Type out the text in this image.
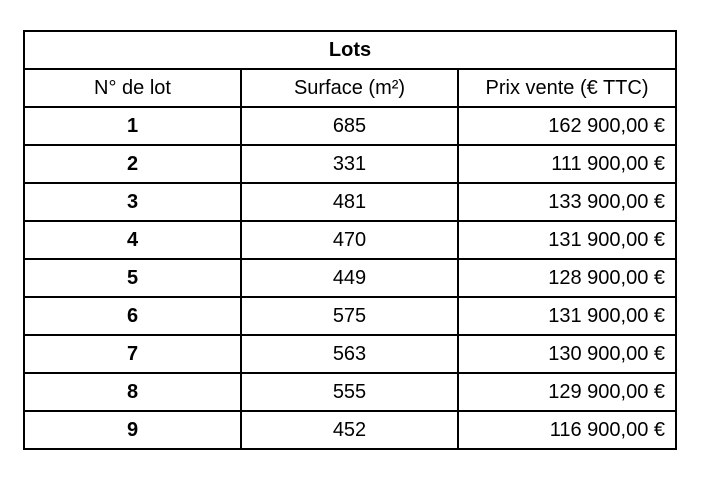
Lots		
N° de lot	Surface (m²)	Prix vente (€ TTC)
1	685	162 900,00 €
2	331	111 900,00 €
3	481	133 900,00 €
4	470	131 900,00 €
5	449	128 900,00 €
6	575	131 900,00 €
7	563	130 900,00 €
8	555	129 900,00 €
9	452	116 900,00 €
